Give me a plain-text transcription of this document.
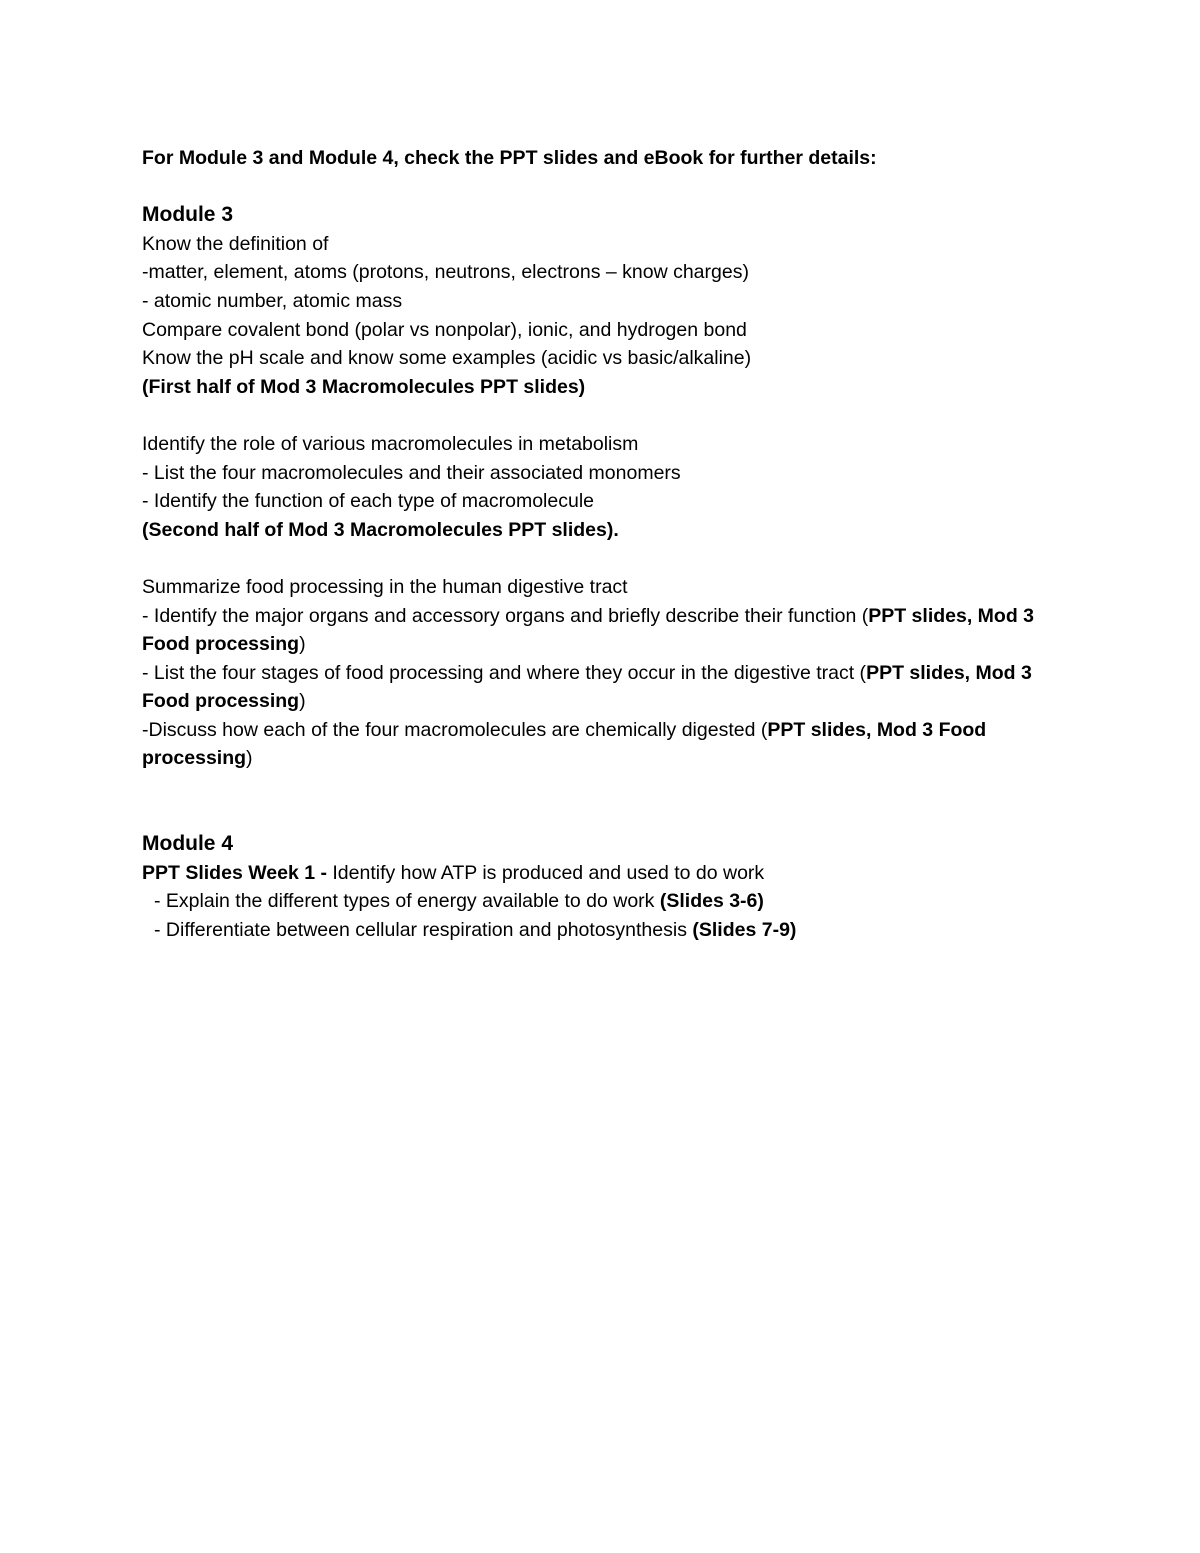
For Module 3 and Module 4, check the PPT slides and eBook for further details:

Module 3

Know the definition of

-matter, element, atoms (protons, neutrons, electrons – know charges)

- atomic number, atomic mass

Compare covalent bond (polar vs nonpolar), ionic, and hydrogen bond

Know the pH scale and know some examples (acidic vs basic/alkaline)

(First half of Mod 3 Macromolecules PPT slides)

Identify the role of various macromolecules in metabolism

- List the four macromolecules and their associated monomers

- Identify the function of each type of macromolecule

(Second half of Mod 3 Macromolecules PPT slides).

Summarize food processing in the human digestive tract

- Identify the major organs and accessory organs and briefly describe their function (PPT slides, Mod 3 Food processing)

- List the four stages of food processing and where they occur in the digestive tract (PPT slides, Mod 3 Food processing)

-Discuss how each of the four macromolecules are chemically digested (PPT slides, Mod 3 Food processing)

Module 4

PPT Slides Week 1 - Identify how ATP is produced and used to do work

- Explain the different types of energy available to do work (Slides 3-6)

- Differentiate between cellular respiration and photosynthesis (Slides 7-9)
